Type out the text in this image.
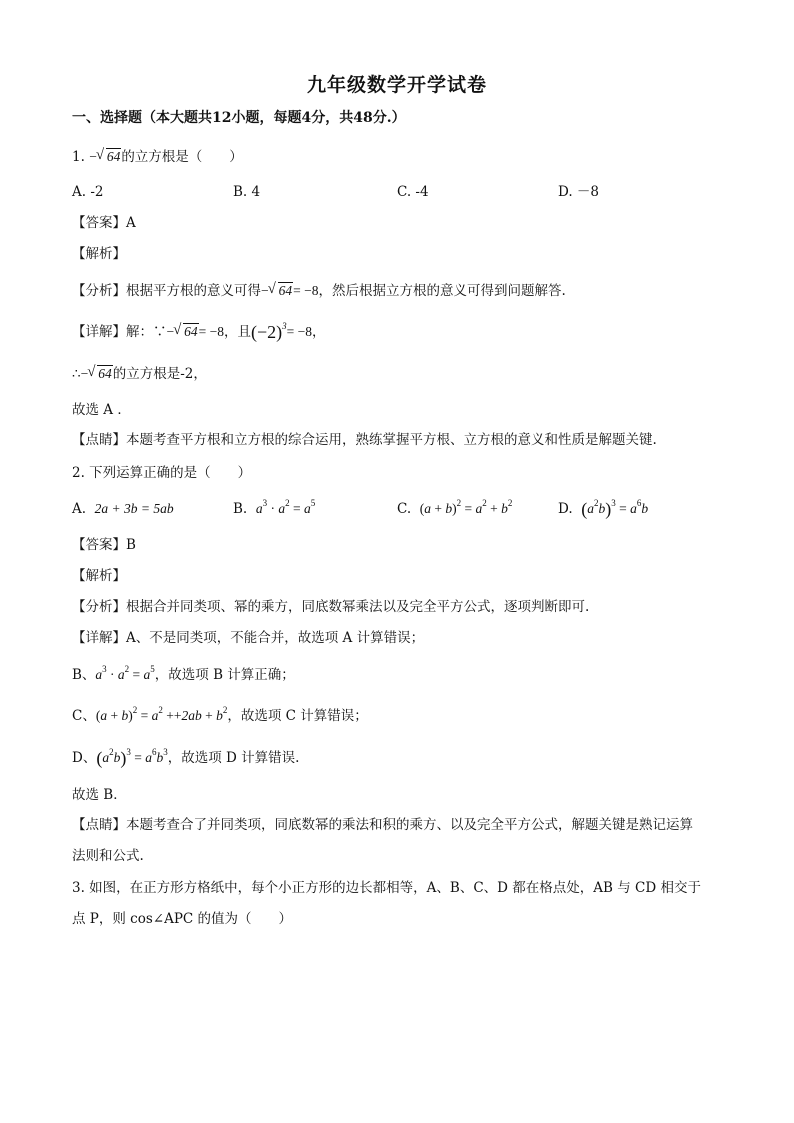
九年级数学开学试卷
一、选择题（本大题共12小题，每题4分，共48分.）
1. − √ 64的立方根是（　　）
A. -2	B. 4	C. -4	D. －8
【答案】A
【解析】
【分析】根据平方根的意义可得− √ 64= −8，然后根据立方根的意义可得到问题解答.
【详解】解：∵− √ 64= −8，且$(-2)^3= -8$，
∴− √ 64的立方根是-2，
故选 A ．
【点睛】本题考查平方根和立方根的综合运用，熟练掌握平方根、立方根的意义和性质是解题关键.
2. 下列运算正确的是（　　）
A. 2a + 3b = 5ab	B. $a^3 \cdot a^2 = a^5$	C. $(a + b)^2 = a^2 + b^2$	D. $(a^2b)^3 = a^6b$
【答案】B
【解析】
【分析】根据合并同类项、幂的乘方，同底数幂乘法以及完全平方公式，逐项判断即可.
【详解】A、不是同类项，不能合并，故选项 A 计算错误；
B、$a^3 \cdot a^2 = a^5$，故选项 B 计算正确；
C、$(a + b)^2 = a^2 ++2ab + b^2$，故选项 C 计算错误；
D、$(a^2b)^3 = a^6b^3$，故选项 D 计算错误.
故选 B．
【点睛】本题考查合了并同类项，同底数幂的乘法和积的乘方、以及完全平方公式，解题关键是熟记运算
法则和公式.
3. 如图，在正方形方格纸中，每个小正方形的边长都相等，A、B、C、D 都在格点处，AB 与 CD 相交于
点 P，则 cos∠APC 的值为（　　）
